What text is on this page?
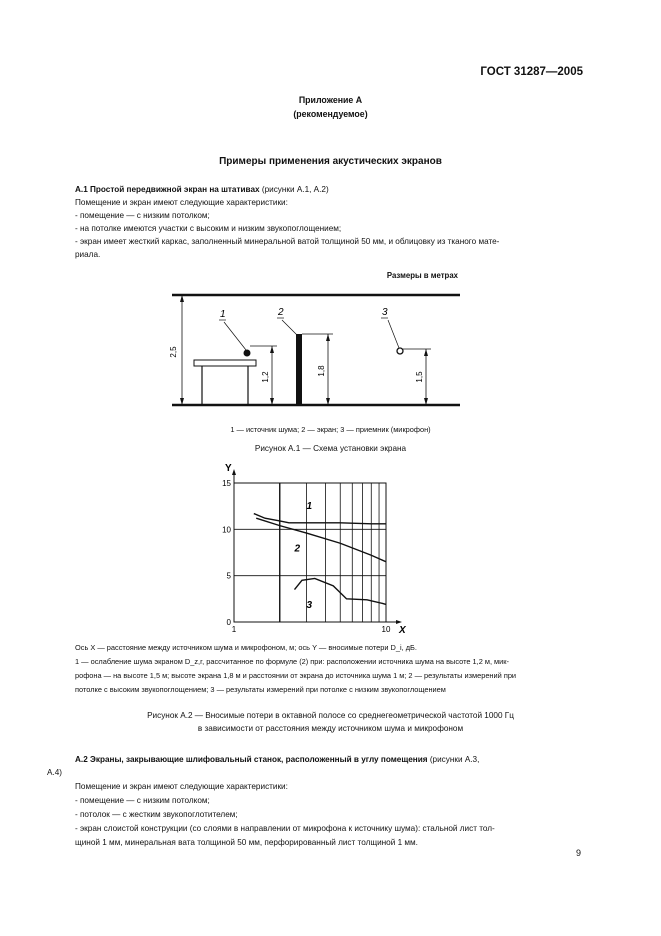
ГОСТ 31287—2005
Приложение А
(рекомендуемое)
Примеры применения акустических экранов
А.1 Простой передвижной экран на штативах (рисунки А.1, А.2)
Помещение и экран имеют следующие характеристики:
- помещение — с низким потолком;
- на потолке имеются участки с высоким и низким звукопоглощением;
- экран имеет жесткий каркас, заполненный минеральной ватой толщиной 50 мм, и облицовку из тканого мате-
риала.
Размеры в метрах
2,5
1,2
1
1,8
2
1,5
3
1 — источник шума; 2 — экран; 3 — приемник (микрофон)
Рисунок А.1 — Схема установки экрана
1
2
3
Y
X
0
5
10
15
1	10
Ось X — расстояние между источником шума и микрофоном, м; ось Y — вносимые потери D_i, дБ.
1 — ослабление шума экраном D_z,r, рассчитанное по формуле (2) при: расположении источника шума на высоте 1,2 м, мик-
рофона — на высоте 1,5 м; высоте экрана 1,8 м и расстоянии от экрана до источника шума 1 м; 2 — результаты измерений при
потолке с высоким звукопоглощением; 3 — результаты измерений при потолке с низким звукопоглощением
Рисунок А.2 — Вносимые потери в октавной полосе со среднегеометрической частотой 1000 Гц
в зависимости от расстояния между источником шума и микрофоном
А.2 Экраны, закрывающие шлифовальный станок, расположенный в углу помещения (рисунки А.3,
А.4)
Помещение и экран имеют следующие характеристики:
- помещение — с низким потолком;
- потолок — с жестким звукопоглотителем;
- экран слоистой конструкции (со слоями в направлении от микрофона к источнику шума): стальной лист тол-
щиной 1 мм, минеральная вата толщиной 50 мм, перфорированный лист толщиной 1 мм.
9
